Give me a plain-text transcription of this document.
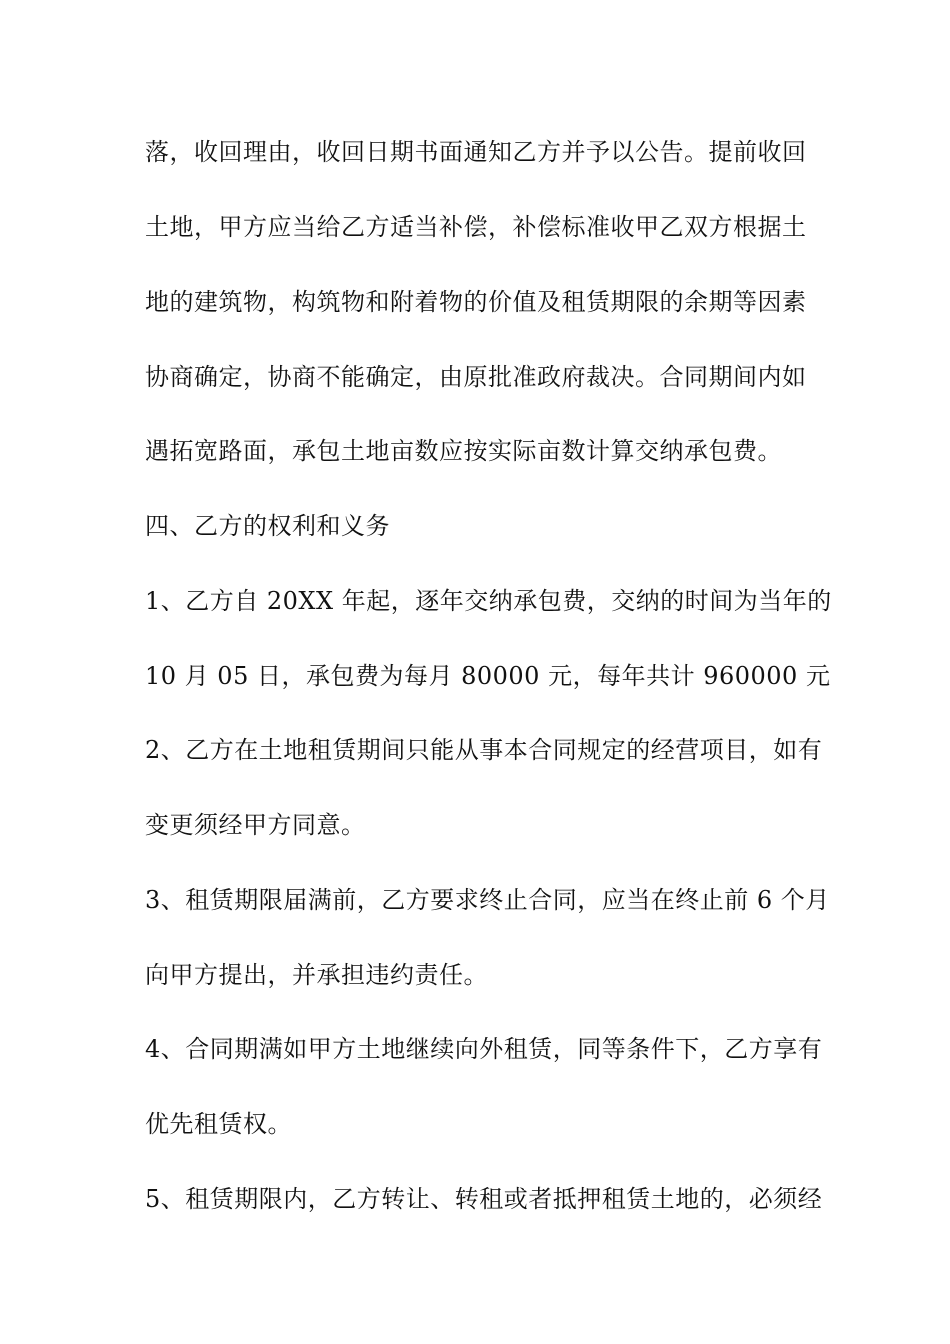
落，收回理由，收回日期书面通知乙方并予以公告。提前收回
土地，甲方应当给乙方适当补偿，补偿标准收甲乙双方根据土
地的建筑物，构筑物和附着物的价值及租赁期限的余期等因素
协商确定，协商不能确定，由原批准政府裁决。合同期间内如
遇拓宽路面，承包土地亩数应按实际亩数计算交纳承包费。
四、乙方的权利和义务
1、乙方自 20XX 年起，逐年交纳承包费，交纳的时间为当年的
10 月 05 日，承包费为每月 80000 元，每年共计 960000 元
2、乙方在土地租赁期间只能从事本合同规定的经营项目，如有
变更须经甲方同意。
3、租赁期限届满前，乙方要求终止合同，应当在终止前 6 个月
向甲方提出，并承担违约责任。
4、合同期满如甲方土地继续向外租赁，同等条件下，乙方享有
优先租赁权。
5、租赁期限内，乙方转让、转租或者抵押租赁土地的，必须经
